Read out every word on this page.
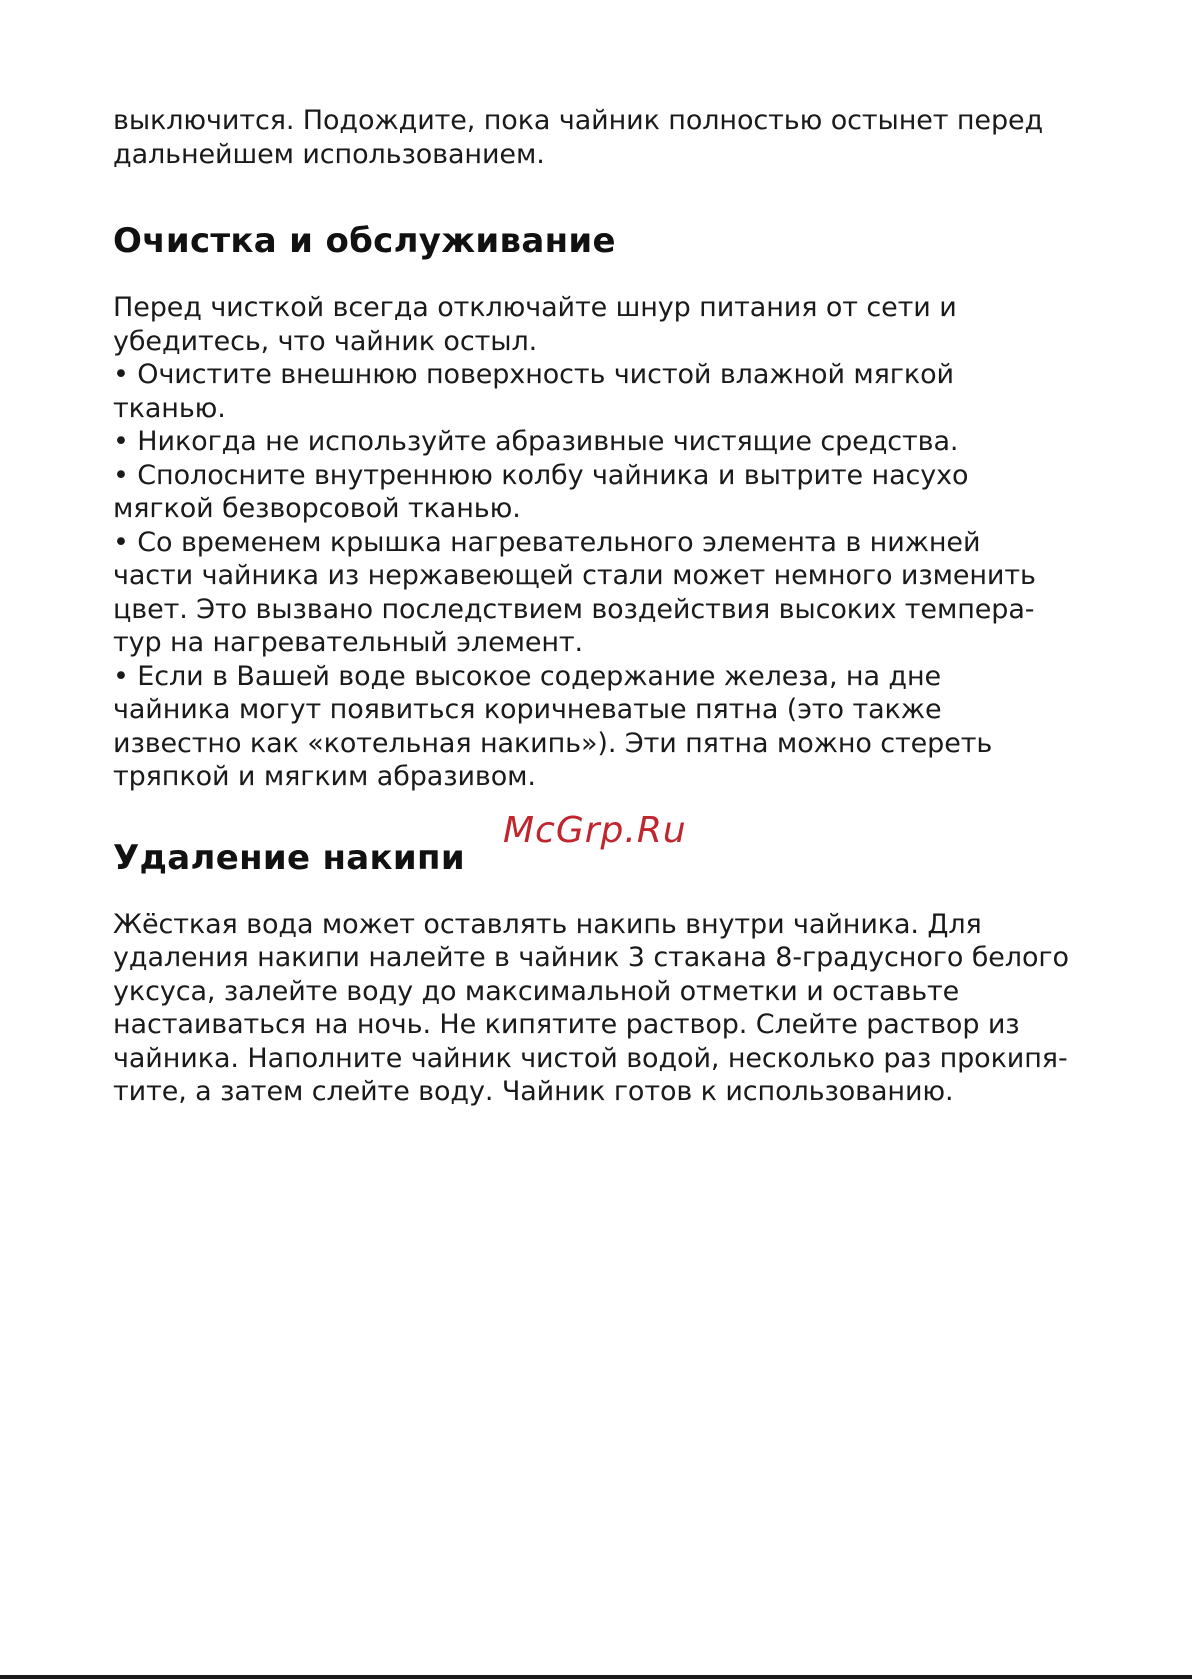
выключится. Подождите, пока чайник полностью остынет перед
дальнейшем использованием.

Очистка и обслуживание

Перед чисткой всегда отключайте шнур питания от сети и
убедитесь, что чайник остыл.
• Очистите внешнюю поверхность чистой влажной мягкой
тканью.
• Никогда не используйте абразивные чистящие средства.
• Сполосните внутреннюю колбу чайника и вытрите насухо
мягкой безворсовой тканью.
• Со временем крышка нагревательного элемента в нижней
части чайника из нержавеющей стали может немного изменить
цвет. Это вызвано последствием воздействия высоких темпера-
тур на нагревательный элемент.
• Если в Вашей воде высокое содержание железа, на дне
чайника могут появиться коричневатые пятна (это также
известно как «котельная накипь»). Эти пятна можно стереть
тряпкой и мягким абразивом.

Удаление накипи
McGrp.Ru

Жёсткая вода может оставлять накипь внутри чайника. Для
удаления накипи налейте в чайник 3 стакана 8-градусного белого
уксуса, залейте воду до максимальной отметки и оставьте
настаиваться на ночь. Не кипятите раствор. Слейте раствор из
чайника. Наполните чайник чистой водой, несколько раз прокипя-
тите, а затем слейте воду. Чайник готов к использованию.
